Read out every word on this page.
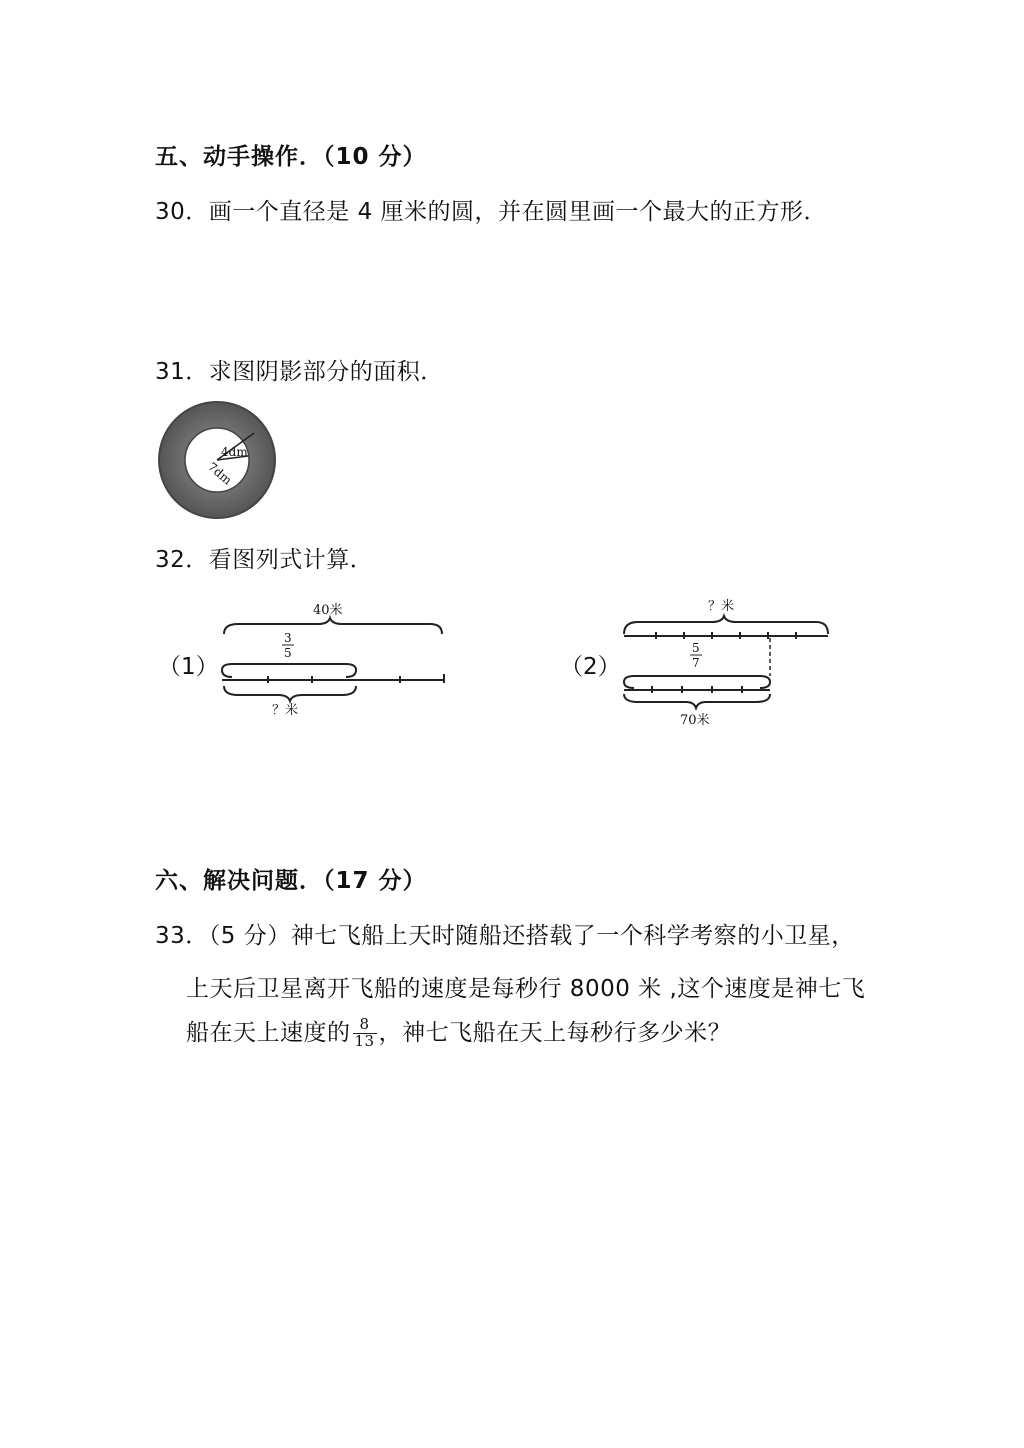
五、动手操作．（10 分）
30．画一个直径是 4 厘米的圆，并在圆里画一个最大的正方形．
31．求图阴影部分的面积．
4dm
7dm
32．看图列式计算．
（1）
40米
3
5
？米
（2）
？米
5
7
70米
六、解决问题．（17 分）
33．（5 分）神七飞船上天时随船还搭载了一个科学考察的小卫星，
上天后卫星离开飞船的速度是每秒行 8000 米 ,这个速度是神七飞
船在天上速度的 $\frac{8}{13}$ ，神七飞船在天上每秒行多少米？
